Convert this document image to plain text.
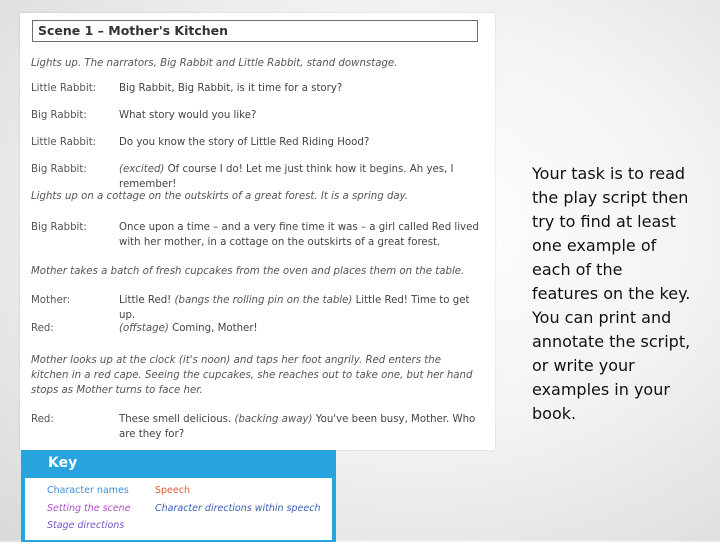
Scene 1 – Mother's Kitchen
Lights up. The narrators, Big Rabbit and Little Rabbit, stand downstage.
Little Rabbit: Big Rabbit, Big Rabbit, is it time for a story?
Big Rabbit:	What story would you like?
Little Rabbit: Do you know the story of Little Red Riding Hood?
Big Rabbit:	(excited) Of course I do! Let me just think how it begins. Ah yes, I remember!
Lights up on a cottage on the outskirts of a great forest. It is a spring day.
Big Rabbit:	Once upon a time – and a very fine time it was – a girl called Red lived with her mother, in a cottage on the outskirts of a great forest.
Mother takes a batch of fresh cupcakes from the oven and places them on the table.
Mother:	Little Red! (bangs the rolling pin on the table) Little Red! Time to get up.
Red:	(offstage) Coming, Mother!
Mother looks up at the clock (it's noon) and taps her foot angrily. Red enters the kitchen in a red cape. Seeing the cupcakes, she reaches out to take one, but her hand stops as Mother turns to face her.
Red:	These smell delicious. (backing away) You've been busy, Mother. Who are they for?
Key
Character names	Speech
Setting the scene	Character directions within speech
Stage directions

Your task is to read the play script then try to find at least one example of each of the features on the key. You can print and annotate the script, or write your examples in your book.
